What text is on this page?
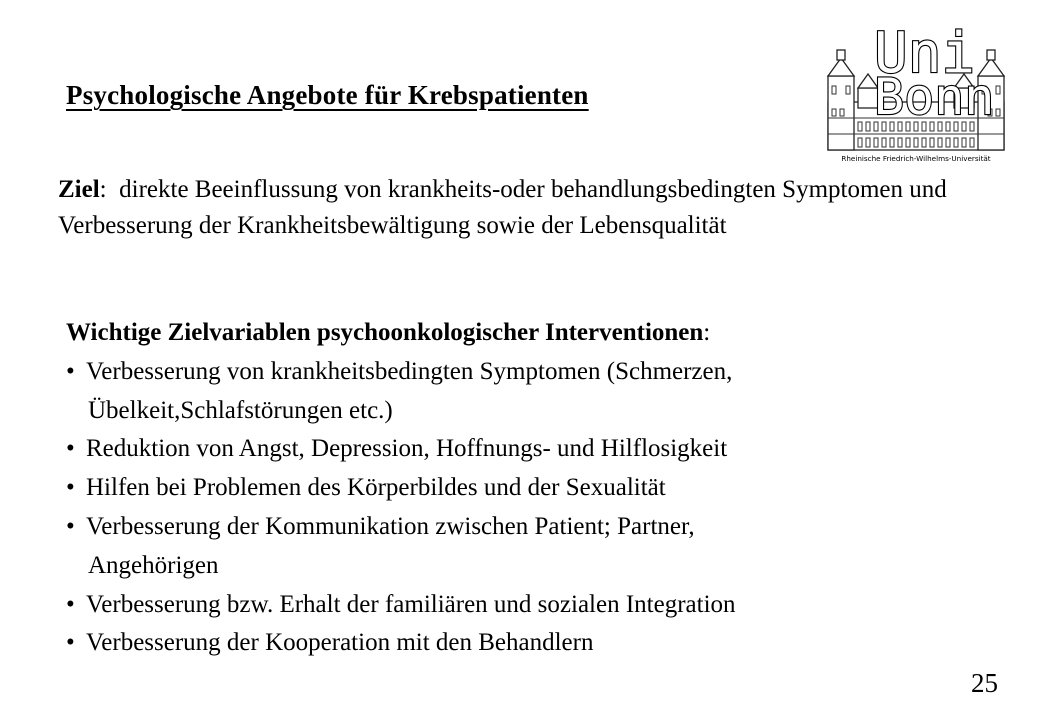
Psychologische Angebote für Krebspatienten
Uni
Bonn
Rheinische Friedrich-Wilhelms-Universität
Ziel: direkte Beeinflussung von krankheits-oder behandlungsbedingten Symptomen und Verbesserung der Krankheitsbewältigung sowie der Lebensqualität
Wichtige Zielvariablen psychoonkologischer Interventionen:
• Verbesserung von krankheitsbedingten Symptomen (Schmerzen,
Übelkeit,Schlafstörungen etc.)
• Reduktion von Angst, Depression, Hoffnungs- und Hilflosigkeit
• Hilfen bei Problemen des Körperbildes und der Sexualität
• Verbesserung der Kommunikation zwischen Patient; Partner,
Angehörigen
• Verbesserung bzw. Erhalt der familiären und sozialen Integration
• Verbesserung der Kooperation mit den Behandlern
25
